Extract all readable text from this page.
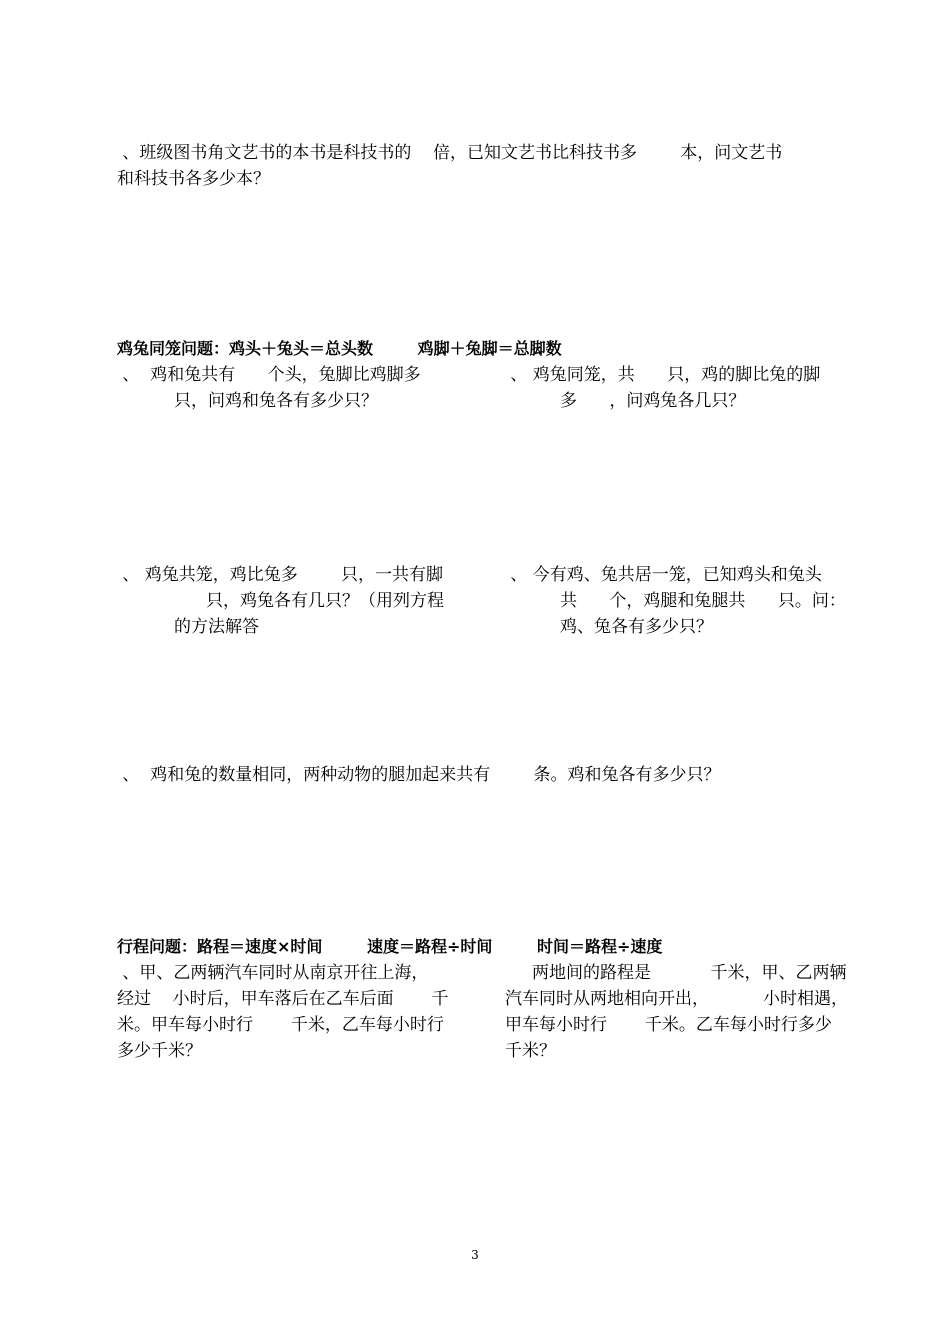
、班级图书角文艺书的本书是科技书的    倍，已知文艺书比科技书多        本，问文艺书
和科技书各多少本？
鸡兔同笼问题：鸡头＋兔头＝总头数        鸡脚＋兔脚＝总脚数
、  鸡和兔共有      个头，兔脚比鸡脚多
只，问鸡和兔各有多少只？
、 鸡兔同笼，共      只，鸡的脚比兔的脚
多      ，问鸡兔各几只？
、 鸡兔共笼，鸡比兔多        只，一共有脚
只，鸡兔各有几只？（用列方程
的方法解答
、 今有鸡、兔共居一笼，已知鸡头和兔头
共      个，鸡腿和兔腿共      只。问：
鸡、兔各有多少只？
、  鸡和兔的数量相同，两种动物的腿加起来共有        条。鸡和兔各有多少只？
行程问题：路程＝速度×时间        速度＝路程÷时间        时间＝路程÷速度
、甲、乙两辆汽车同时从南京开往上海，
经过    小时后，甲车落后在乙车后面       千
米。甲车每小时行       千米，乙车每小时行
多少千米？
两地间的路程是           千米，甲、乙两辆
汽车同时从两地相向开出，          小时相遇，
甲车每小时行       千米。乙车每小时行多少
千米？
3
